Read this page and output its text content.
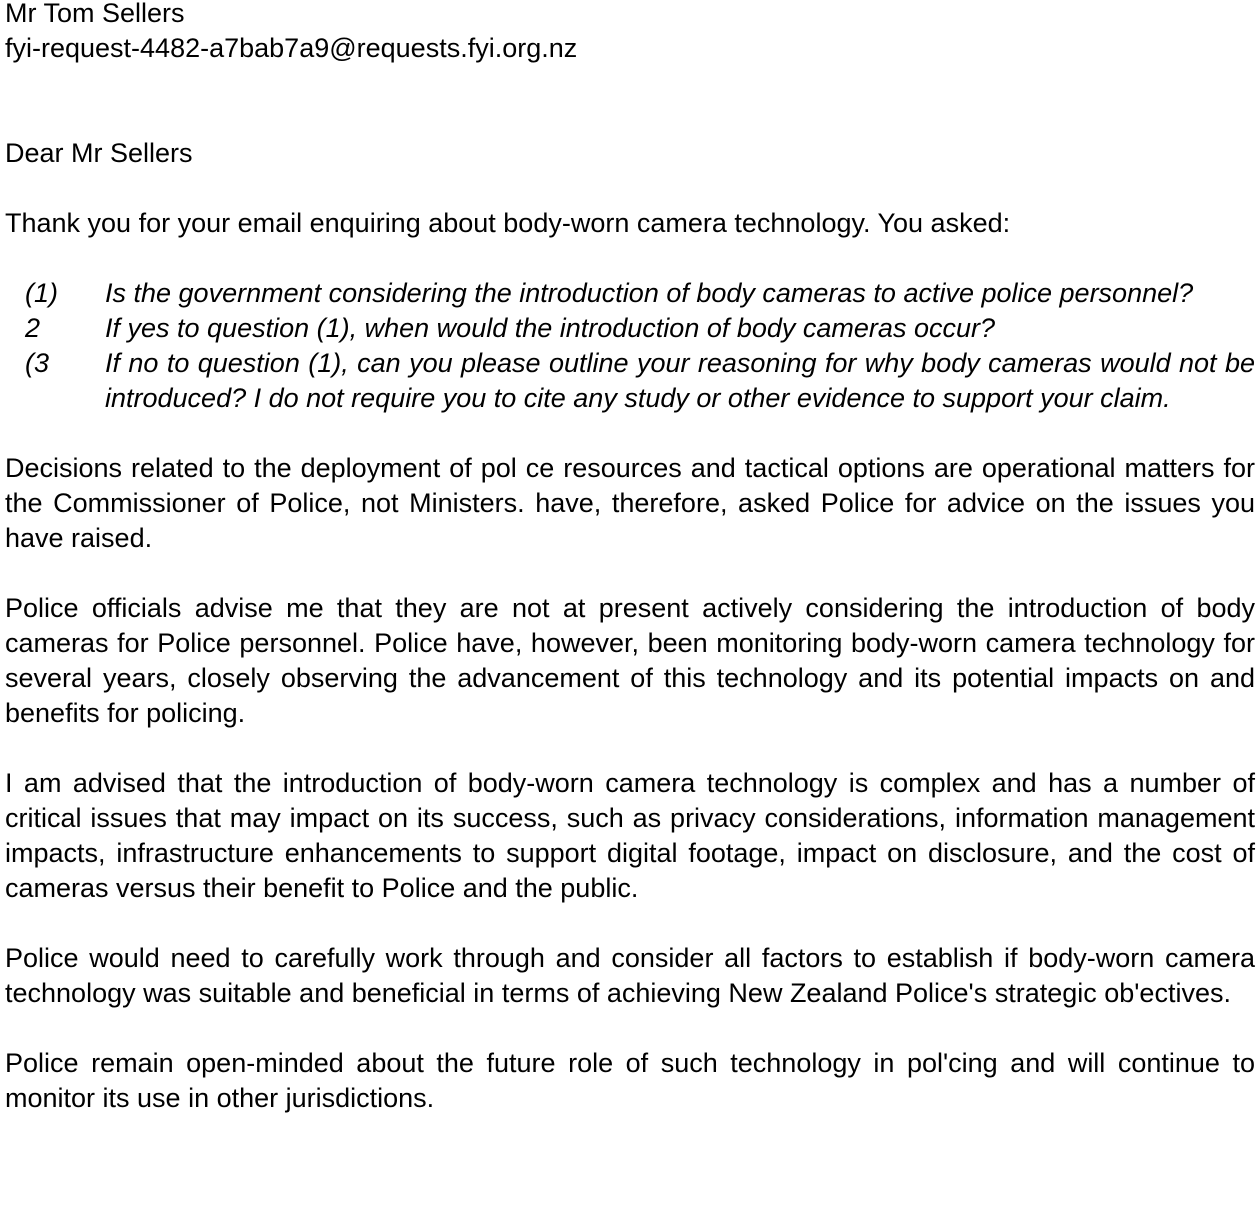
Mr Tom Sellers
fyi-request-4482-a7bab7a9@requests.fyi.org.nz
Dear Mr Sellers
Thank you for your email enquiring about body-worn camera technology. You asked:
(1)	Is the government considering the introduction of body cameras to active police personnel?
2	If yes to question (1), when would the introduction of body cameras occur?
(3	If no to question (1), can you please outline your reasoning for why body cameras would not be introduced? I do not require you to cite any study or other evidence to support your claim.

Decisions related to the deployment of pol ce resources and tactical options are operational matters for the Commissioner of Police, not Ministers. have, therefore, asked Police for advice on the issues you have raised.

Police officials advise me that they are not at present actively considering the introduction of body cameras for Police personnel. Police have, however, been monitoring body-worn camera technology for several years, closely observing the advancement of this technology and its potential impacts on and benefits for policing.

I am advised that the introduction of body-worn camera technology is complex and has a number of critical issues that may impact on its success, such as privacy considerations, information management impacts, infrastructure enhancements to support digital footage, impact on disclosure, and the cost of cameras versus their benefit to Police and the public.

Police would need to carefully work through and consider all factors to establish if body-worn camera technology was suitable and beneficial in terms of achieving New Zealand Police's strategic ob'ectives.

Police remain open-minded about the future role of such technology in pol'cing and will continue to monitor its use in other jurisdictions.
